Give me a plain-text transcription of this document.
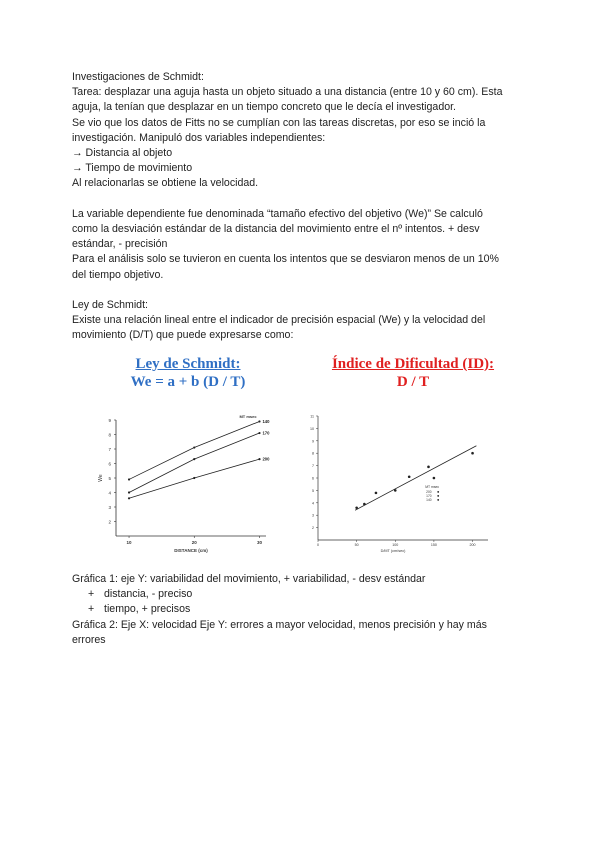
Investigaciones de Schmidt:
Tarea: desplazar una aguja hasta un objeto situado a una distancia (entre 10 y 60 cm). Esta
aguja, la tenían que desplazar en un tiempo concreto que le decía el investigador.
Se vio que los datos de Fitts no se cumplían con las tareas discretas, por eso se inció la
investigación. Manipuló dos variables independientes:
→ Distancia al objeto
→ Tiempo de movimiento
Al relacionarlas se obtiene la velocidad.
La variable dependiente fue denominada “tamaño efectivo del objetivo (We)” Se calculó
como la desviación estándar de la distancia del movimiento entre el nº intentos. + desv
estándar, - precisión
Para el análisis solo se tuvieron en cuenta los intentos que se desviaron menos de un 10%
del tiempo objetivo.
Ley de Schmidt:
Existe una relación lineal entre el indicador de precisión espacial (We) y la velocidad del
movimiento (D/T) que puede expresarse como:
Ley de Schmidt:
We = a + b (D / T)
Índice de Dificultad (ID):
D / T
2
3
4
5
6
7
8
9
10	20	30
DISTANCE (cm)
We
MT msec
140
170
200
2
3
4
5
6
7
8
9
10
11
0	50	100	150	200
D/MT (cm/sec)
MT msec
200
170
140
Gráfica 1: eje Y: variabilidad del movimiento, + variabilidad, - desv estándar
+ distancia, - preciso
+ tiempo, + precisos
Gráfica 2: Eje X: velocidad Eje Y: errores a mayor velocidad, menos precisión y hay más
errores
